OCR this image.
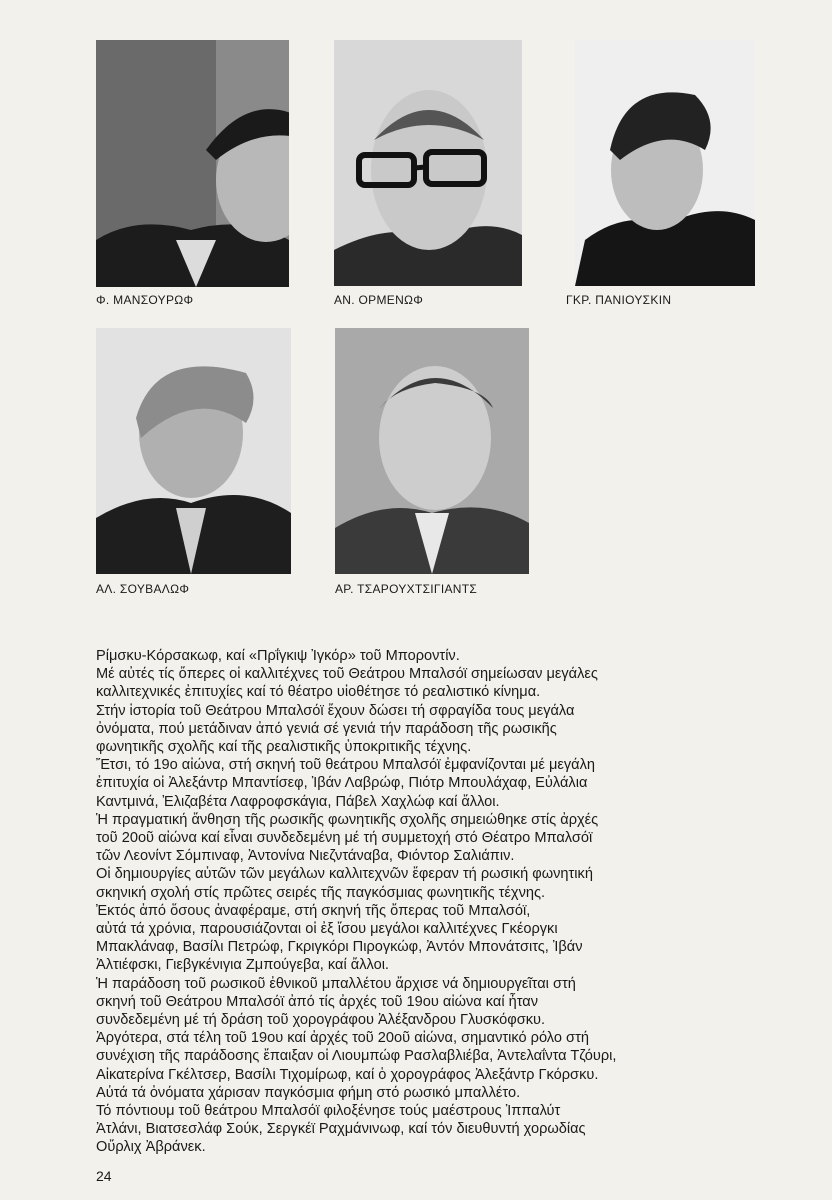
Φ. ΜΑΝΣΟΥΡΩΦ	ΑΝ. ΟΡΜΕΝΩΦ	ΓΚΡ. ΠΑΝΙΟΥΣΚΙΝ
ΑΛ. ΣΟΥΒΑΛΩΦ	ΑΡ. ΤΣΑΡΟΥΧΤΣΙΓΙΑΝΤΣ
Ρίμσκυ-Κόρσακωφ, καί «Πρΐγκιψ Ἰγκόρ» τοῦ Μποροντίν.
Μέ αὐτές τίς ὄπερες οἱ καλλιτέχνες τοῦ Θεάτρου Μπαλσόϊ σημείωσαν μεγάλες
καλλιτεχνικές ἐπιτυχίες καί τό θέατρο υἱοθέτησε τό ρεαλιστικό κίνημα.
Στήν ἱστορία τοῦ Θεάτρου Μπαλσόϊ ἔχουν δώσει τή σφραγίδα τους μεγάλα
ὀνόματα, πού μετάδιναν ἀπό γενιά σέ γενιά τήν παράδοση τῆς ρωσικῆς
φωνητικῆς σχολῆς καί τῆς ρεαλιστικῆς ὑποκριτικῆς τέχνης.
Ἔτσι, τό 19ο αἰώνα, στή σκηνή τοῦ θεάτρου Μπαλσόϊ ἐμφανίζονται μέ μεγάλη
ἐπιτυχία οἱ Ἀλεξάντρ Μπαντίσεφ, Ἰβάν Λαβρώφ, Πιότρ Μπουλάχαφ, Εὐλάλια
Καντμινά, Ἐλιζαβέτα Λαφροφσκάγια, Πάβελ Χαχλώφ καί ἄλλοι.
Ἡ πραγματική ἄνθηση τῆς ρωσικῆς φωνητικῆς σχολῆς σημειώθηκε στίς ἀρχές
τοῦ 20οῦ αἰώνα καί εἶναι συνδεδεμένη μέ τή συμμετοχή στό Θέατρο Μπαλσόϊ
τῶν Λεονίντ Σόμπιναφ, Ἀντονίνα Νιεζντάναβα, Φιόντορ Σαλιάπιν.
Οἱ δημιουργίες αὐτῶν τῶν μεγάλων καλλιτεχνῶν ἔφεραν τή ρωσική φωνητική
σκηνική σχολή στίς πρῶτες σειρές τῆς παγκόσμιας φωνητικῆς τέχνης.
Ἐκτός ἀπό ὅσους ἀναφέραμε, στή σκηνή τῆς ὄπερας τοῦ Μπαλσόϊ,
αὐτά τά χρόνια, παρουσιάζονται οἱ ἐξ ἴσου μεγάλοι καλλιτέχνες Γκέοργκι
Μπακλάναφ, Βασίλι Πετρώφ, Γκριγκόρι Πιρογκώφ, Ἀντόν Μπονάτσιτς, Ἰβάν
Ἀλτιέφσκι, Γιεβγκένιγια Ζμπούγεβα, καί ἄλλοι.
Ἡ παράδοση τοῦ ρωσικοῦ ἐθνικοῦ μπαλλέτου ἄρχισε νά δημιουργεῖται στή
σκηνή τοῦ Θεάτρου Μπαλσόϊ ἀπό τίς ἀρχές τοῦ 19ου αἰώνα καί ἦταν
συνδεδεμένη μέ τή δράση τοῦ χορογράφου Ἀλέξανδρου Γλυσκόφσκυ.
Ἀργότερα, στά τέλη τοῦ 19ου καί ἀρχές τοῦ 20οῦ αἰώνα, σημαντικό ρόλο στή
συνέχιση τῆς παράδοσης ἔπαιξαν οἱ Λιουμπώφ Ρασλαβλιέβα, Ἀντελαΐντα Τζόυρι,
Αἰκατερίνα Γκέλτσερ, Βασίλι Τιχομίρωφ, καί ὁ χορογράφος Ἀλεξάντρ Γκόρσκυ.
Αὐτά τά ὀνόματα χάρισαν παγκόσμια φήμη στό ρωσικό μπαλλέτο.
Τό πόντιουμ τοῦ θεάτρου Μπαλσόϊ φιλοξένησε τούς μαέστρους Ἰππαλύτ
Ἀτλάνι, Βιατσεσλάφ Σούκ, Σεργκέϊ Ραχμάνινωφ, καί τόν διευθυντή χορωδίας
Οὔρλιχ Ἀβράνεκ.
24
